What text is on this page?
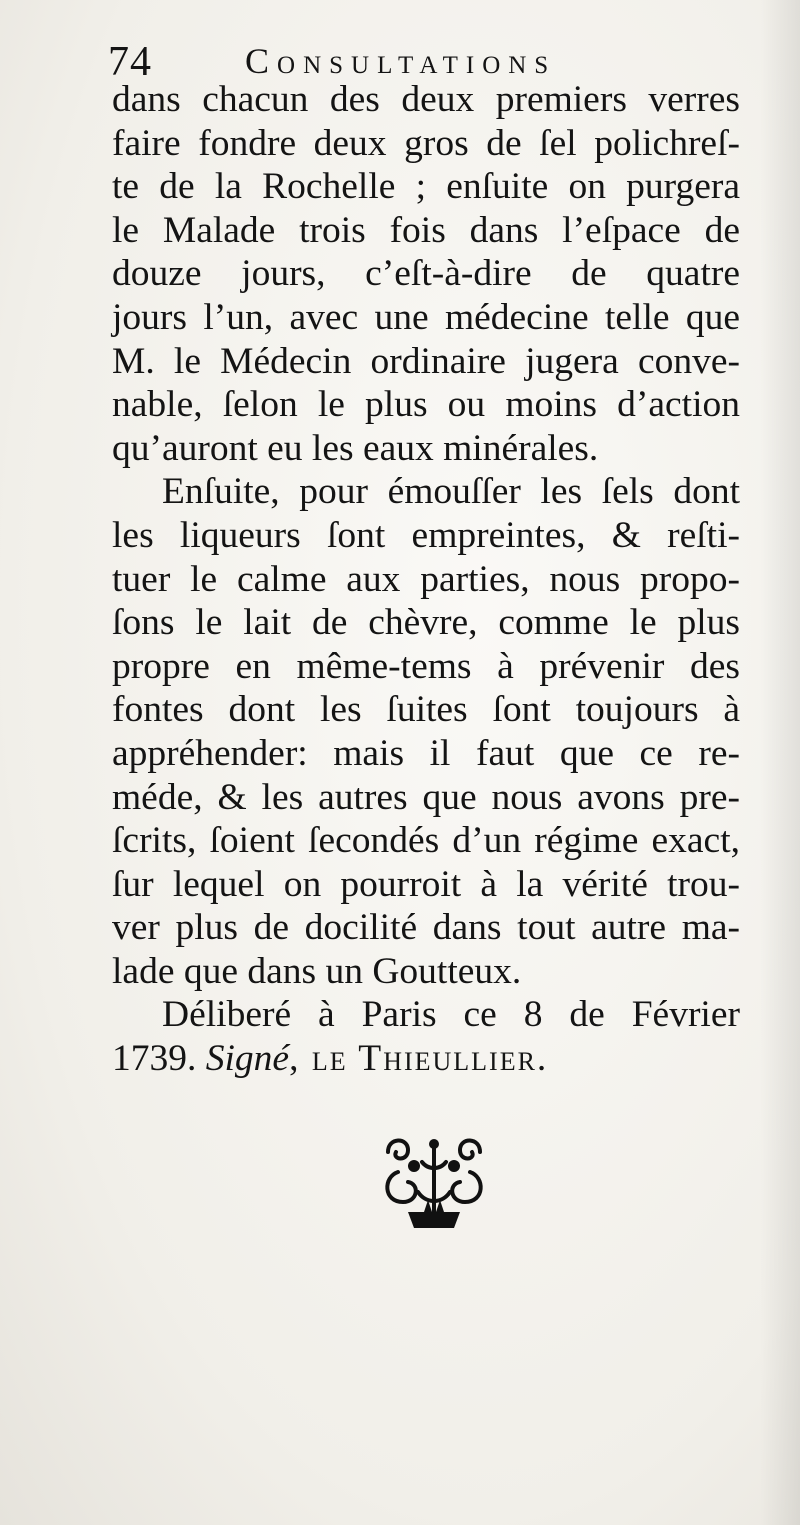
74	Consultations
dans chacun des deux premiers verres
faire fondre deux gros de ſel polichreſ-
te de la Rochelle ; enſuite on purgera
le Malade trois fois dans l’eſpace de
douze jours, c’eſt-à-dire de quatre
jours l’un, avec une médecine telle que
M. le Médecin ordinaire jugera conve-
nable, ſelon le plus ou moins d’action
qu’auront eu les eaux minérales.
Enſuite, pour émouſſer les ſels dont
les liqueurs ſont empreintes, & reſti-
tuer le calme aux parties, nous propo-
ſons le lait de chèvre, comme le plus
propre en même-tems à prévenir des
fontes dont les ſuites ſont toujours à
appréhender: mais il faut que ce re-
méde, & les autres que nous avons pre-
ſcrits, ſoient ſecondés d’un régime exact,
ſur lequel on pourroit à la vérité trou-
ver plus de docilité dans tout autre ma-
lade que dans un Goutteux.
Déliberé à Paris ce 8 de Février
1739. Signé, le Thieullier.
